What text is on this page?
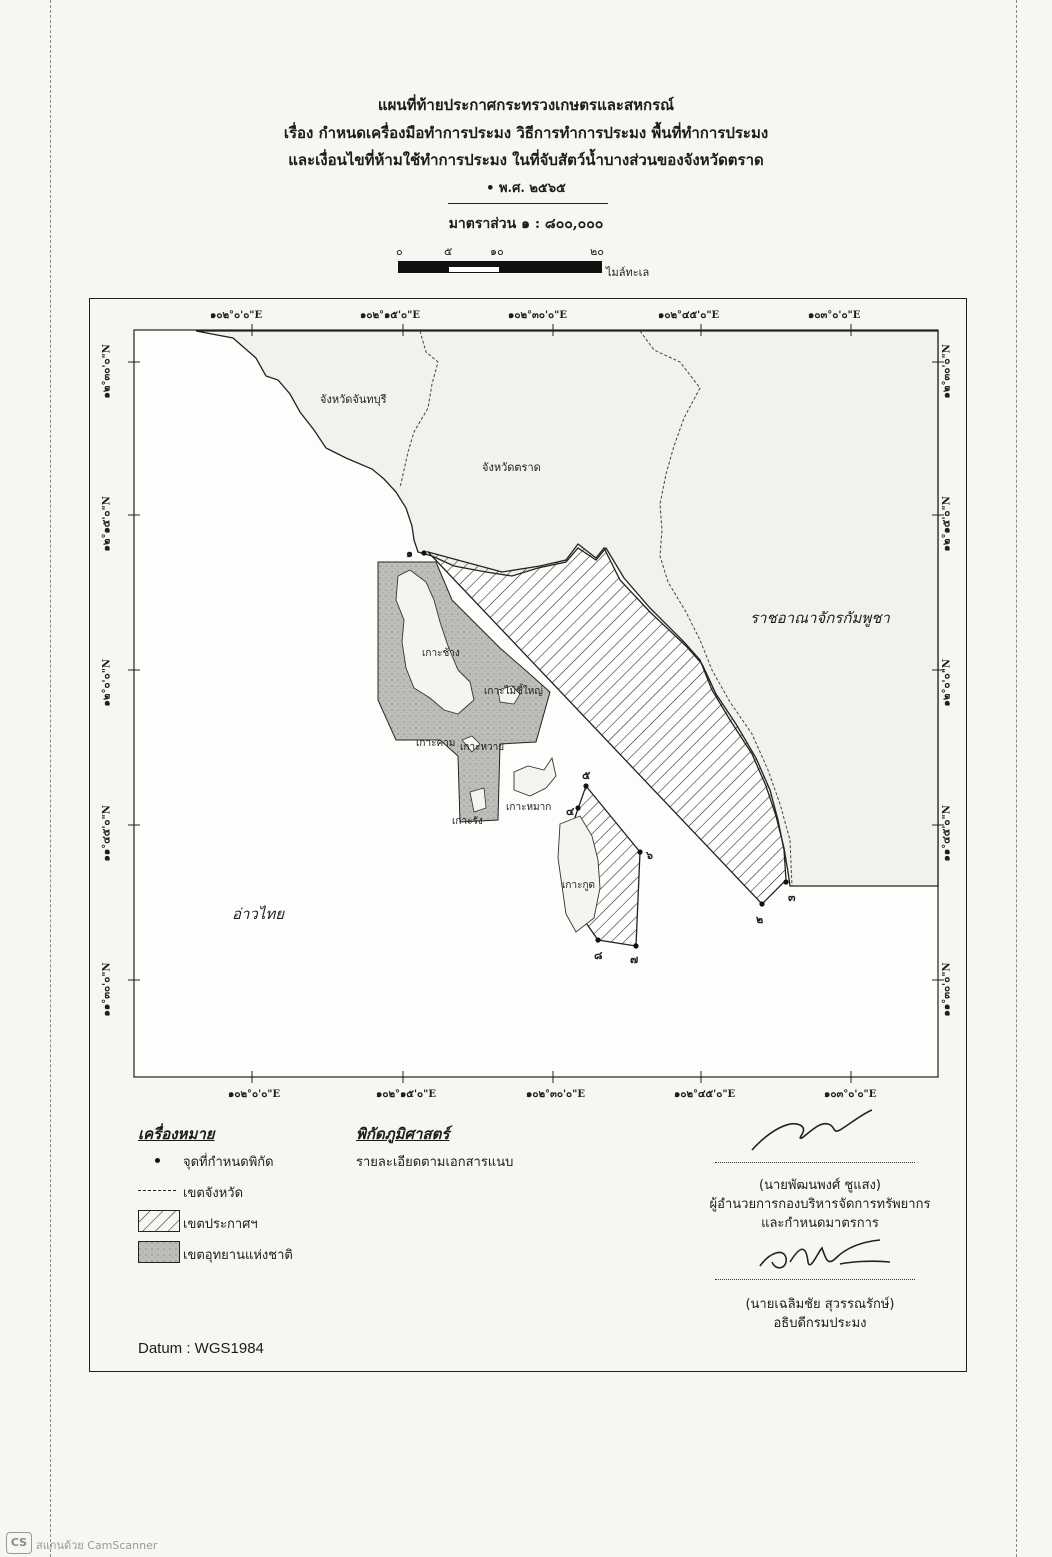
แผนที่ท้ายประกาศกระทรวงเกษตรและสหกรณ์
เรื่อง กำหนดเครื่องมือทำการประมง วิธีการทำการประมง พื้นที่ทำการประมง
และเงื่อนไขที่ห้ามใช้ทำการประมง ในที่จับสัตว์น้ำบางส่วนของจังหวัดตราด
• พ.ศ. ๒๕๖๕
มาตราส่วน ๑ : ๘๐๐,๐๐๐
๐	๕	๑๐	๒๐
ไมล์ทะเล
๑๐๒°๐'๐"E	๑๐๒°๑๕'๐"E	๑๐๒°๓๐'๐"E	๑๐๒°๔๕'๐"E	๑๐๓°๐'๐"E
๑๐๒°๐'๐"E	๑๐๒°๑๕'๐"E	๑๐๒°๓๐'๐"E	๑๐๒°๔๕'๐"E	๑๐๓°๐'๐"E
๑๒°๓๐'๐"N
๑๒°๑๕'๐"N
๑๒°๐'๐"N
๑๑°๔๕'๐"N
๑๑°๓๐'๐"N
๑๒°๓๐'๐"N
๑๒°๑๕'๐"N
๑๒°๐'๐"N
๑๑°๔๕'๐"N
๑๑°๓๐'๐"N
จังหวัดจันทบุรี
จังหวัดตราด
ราชอาณาจักรกัมพูชา
อ่าวไทย
เกาะช้าง
เกาะไม้ซี้ใหญ่
เกาะคาม เกาะหวาย
เกาะรัง
เกาะหมาก
เกาะกูด
๑
๒
๓
๔
๕
๖
๗
๘
เครื่องหมาย
จุดที่กำหนดพิกัด
เขตจังหวัด
เขตประกาศฯ
เขตอุทยานแห่งชาติ
พิกัดภูมิศาสตร์
รายละเอียดตามเอกสารแนบ
(นายพัฒนพงศ์ ชูแสง)
ผู้อำนวยการกองบริหารจัดการทรัพยากร
และกำหนดมาตรการ
(นายเฉลิมชัย สุวรรณรักษ์)
อธิบดีกรมประมง
Datum : WGS1984
CS สแกนด้วย CamScanner
